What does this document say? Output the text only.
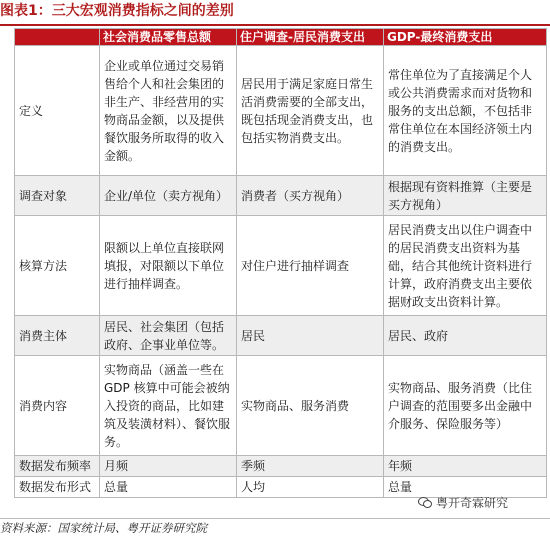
图表1：三大宏观消费指标之间的差别
	社会消费品零售总额	住户调查-居民消费支出	GDP-最终消费支出
定义	企业或单位通过交易销售给个人和社会集团的非生产、非经营用的实物商品金额，以及提供餐饮服务所取得的收入金额。	居民用于满足家庭日常生活消费需要的全部支出，既包括现金消费支出，也包括实物消费支出。	常住单位为了直接满足个人或公共消费需求而对货物和服务的支出总额，不包括非常住单位在本国经济领土内的消费支出。
调查对象	企业/单位（卖方视角）	消费者（买方视角）	根据现有资料推算（主要是买方视角）
核算方法	限额以上单位直接联网填报，对限额以下单位进行抽样调查。	对住户进行抽样调查	居民消费支出以住户调查中的居民消费支出资料为基础，结合其他统计资料进行计算，政府消费支出主要依据财政支出资料计算。
消费主体	居民、社会集团（包括政府、企事业单位等。	居民	居民、政府
消费内容	实物商品（涵盖一些在GDP 核算中可能会被纳入投资的商品，比如建筑及装潢材料）、餐饮服务。	实物商品、服务消费	实物商品、服务消费（比住户调查的范围要多出金融中介服务、保险服务等）
数据发布频率	月频	季频	年频
数据发布形式	总量	人均	总量
粤开奇霖研究
资料来源：国家统计局、粤开证券研究院
